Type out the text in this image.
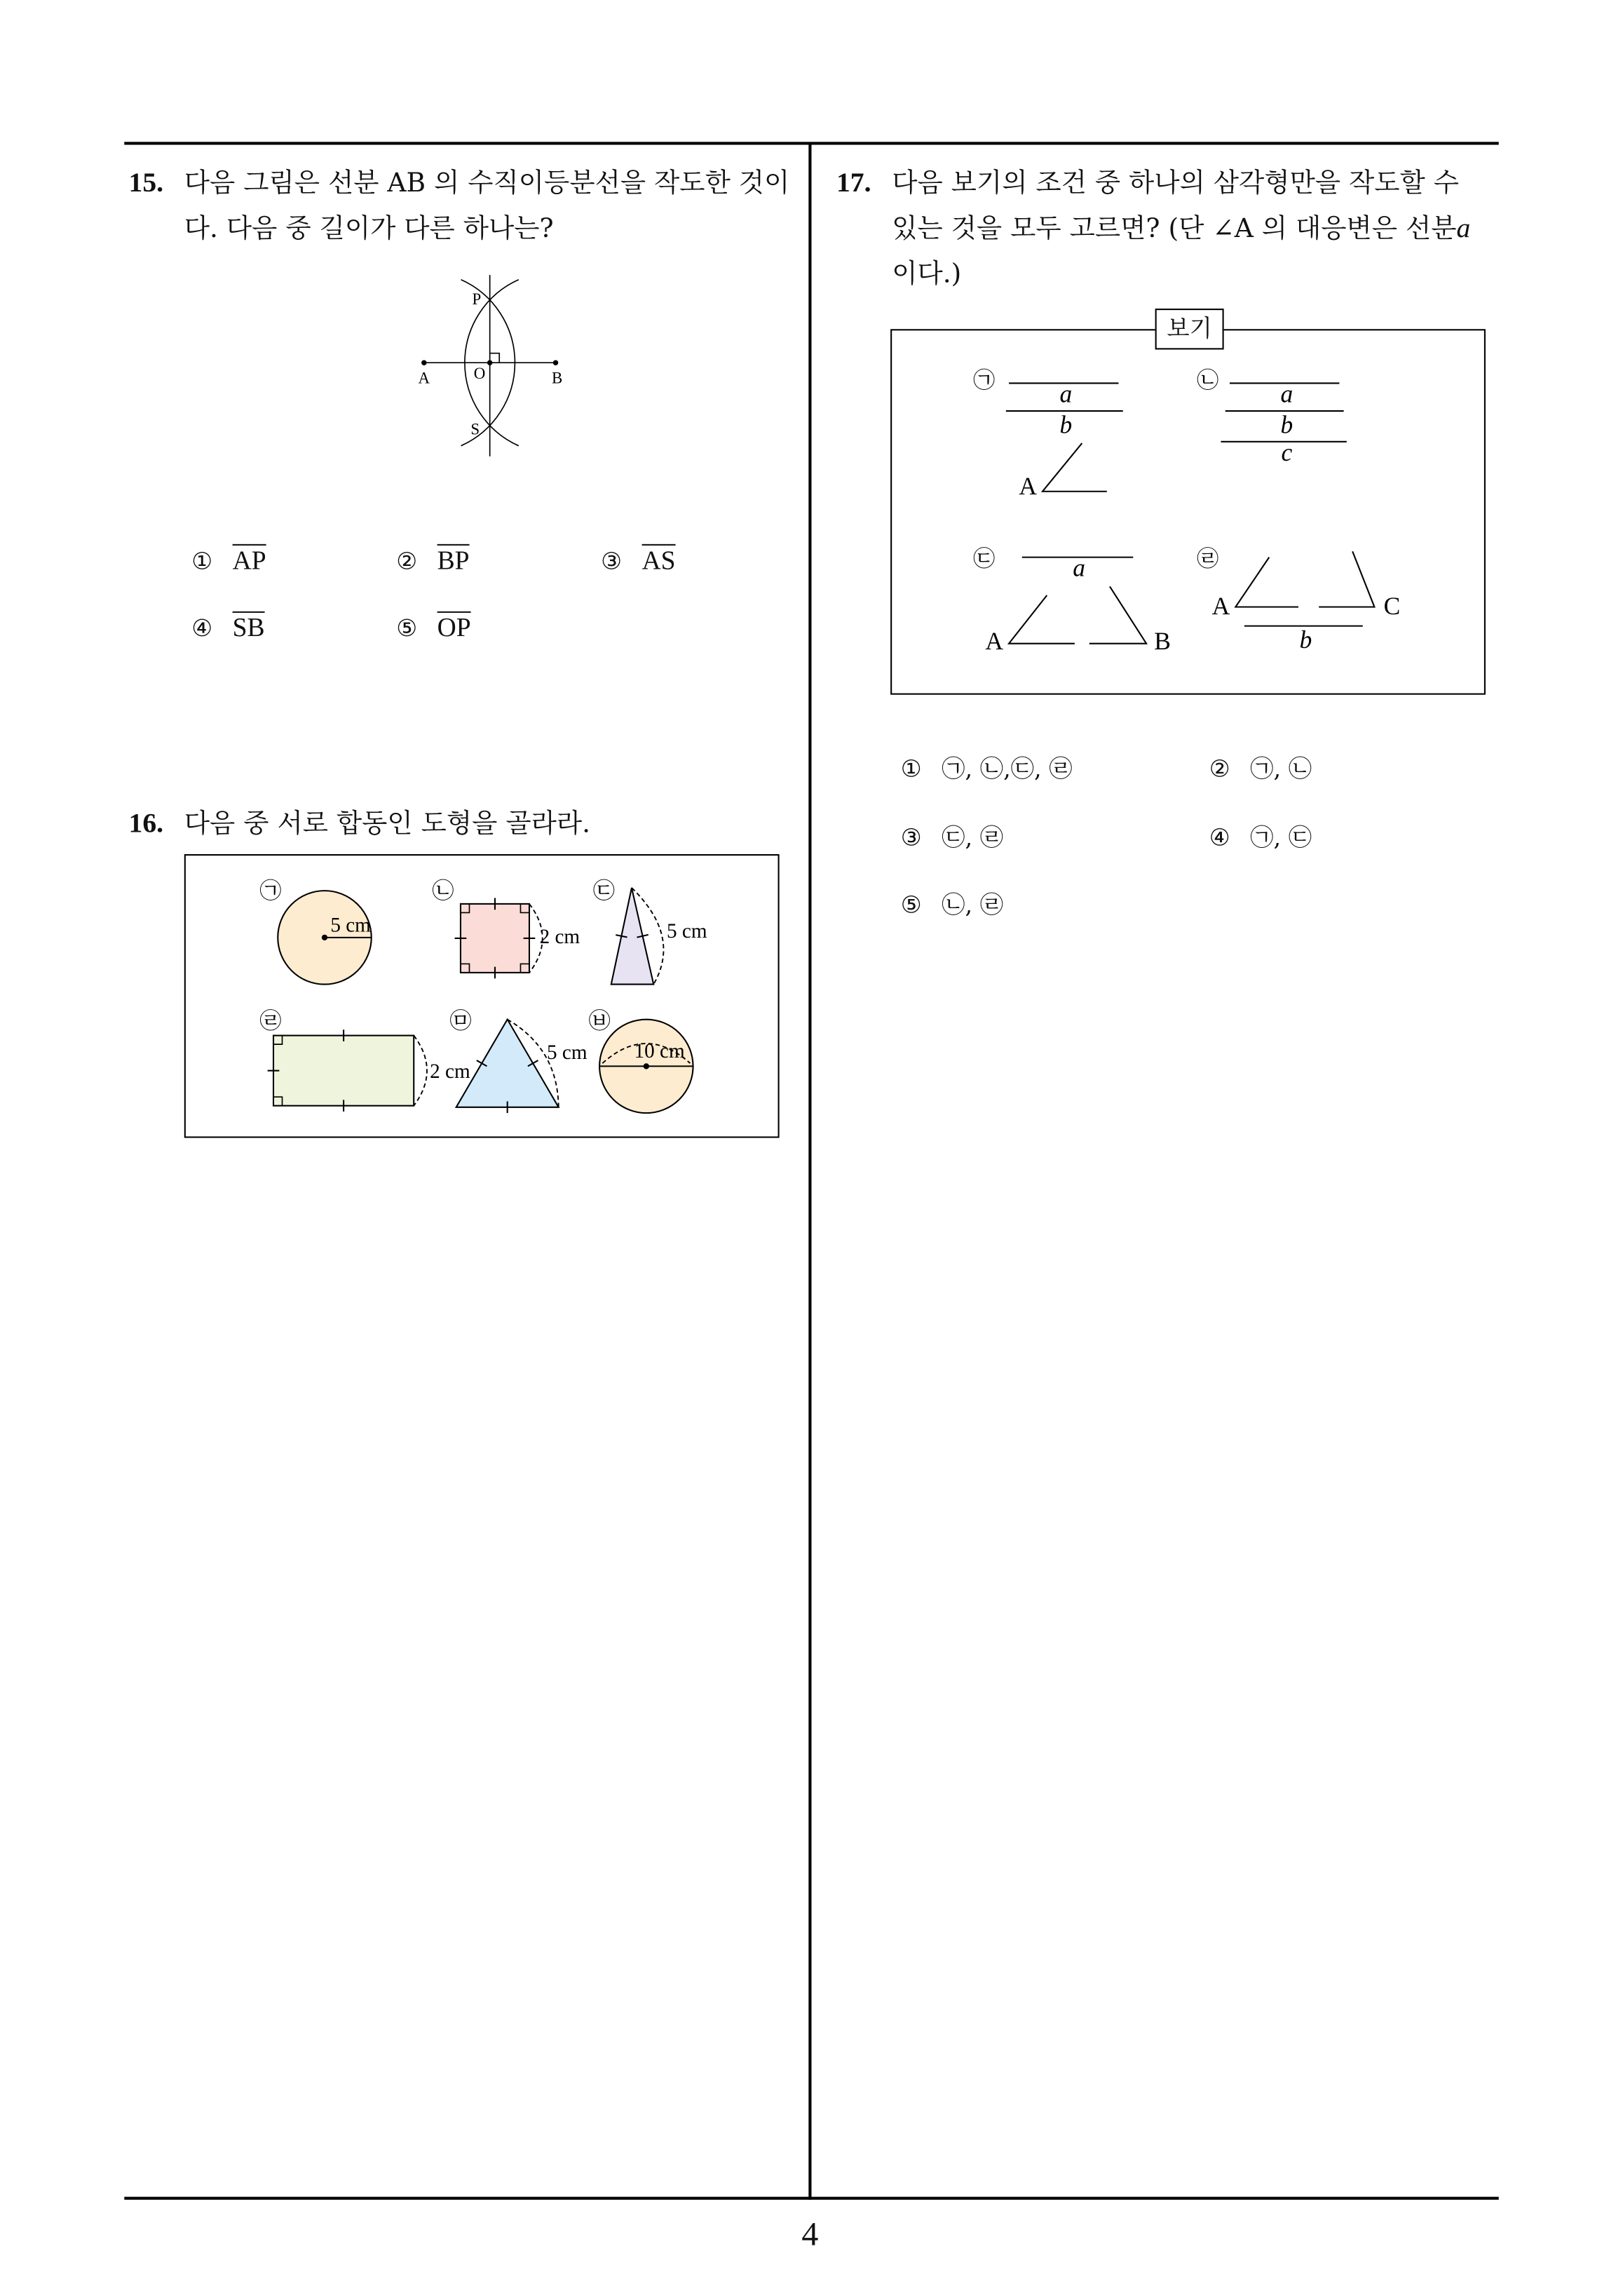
4
15. 다음 그림은 선분 AB 의 수직이등분선을 작도한 것이
다. 다음 중 길이가 다른 하나는?
A	O	B
P
S
① $\overline{AP}$	② $\overline{BP}$	③ $\overline{AS}$
④ $\overline{SB}$	⑤ $\overline{OP}$
16. 다음 중 서로 합동인 도형을 골라라.
㉠
5 cm
㉡
2 cm
㉢
5 cm
㉣
2 cm
㉤
5 cm
㉥
10 cm
17. 다음 보기의 조건 중 하나의 삼각형만을 작도할 수
있는 것을 모두 고르면? (단 ∠A 의 대응변은 선분a
이다.)
㉠	a
b
A
㉡	a
b
c
㉢	a
A	B
㉣
A	C
b
보기
① ㉠, ㉡,㉢, ㉣	② ㉠, ㉡
③ ㉢, ㉣	④ ㉠, ㉢
⑤ ㉡, ㉣
